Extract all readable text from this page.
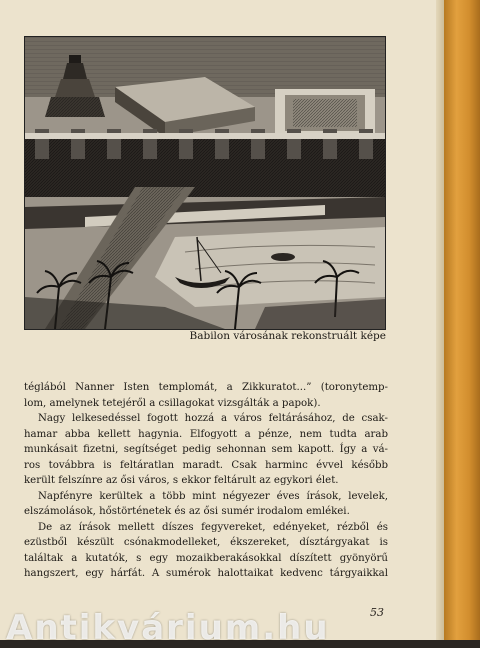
Babilon városának rekonstruált képe
téglából Nanner Isten templomát, a Zikkuratot...” (toronytemp-
lom, amelynek tetejéről a csillagokat vizsgálták a papok).
Nagy lelkesedéssel fogott hozzá a város feltárásához, de csak-
hamar abba kellett hagynia. Elfogyott a pénze, nem tudta arab
munkásait fizetni, segítséget pedig sehonnan sem kapott. Így a vá-
ros továbbra is feltáratlan maradt. Csak harminc évvel később
került felszínre az ősi város, s ekkor feltárult az egykori élet.
Napfényre kerültek a több mint négyezer éves írások, levelek,
elszámolások, hőstörténetek és az ősi sumér irodalom emlékei.
De az írások mellett díszes fegyvereket, edényeket, rézből és
ezüstből készült csónakmodelleket, ékszereket, dísztárgyakat is
találtak a kutatók, s egy mozaikberakásokkal díszített gyönyörű
hangszert, egy hárfát. A sumérok halottaikat kedvenc tárgyaikkal
53
Antikvárium.hu
